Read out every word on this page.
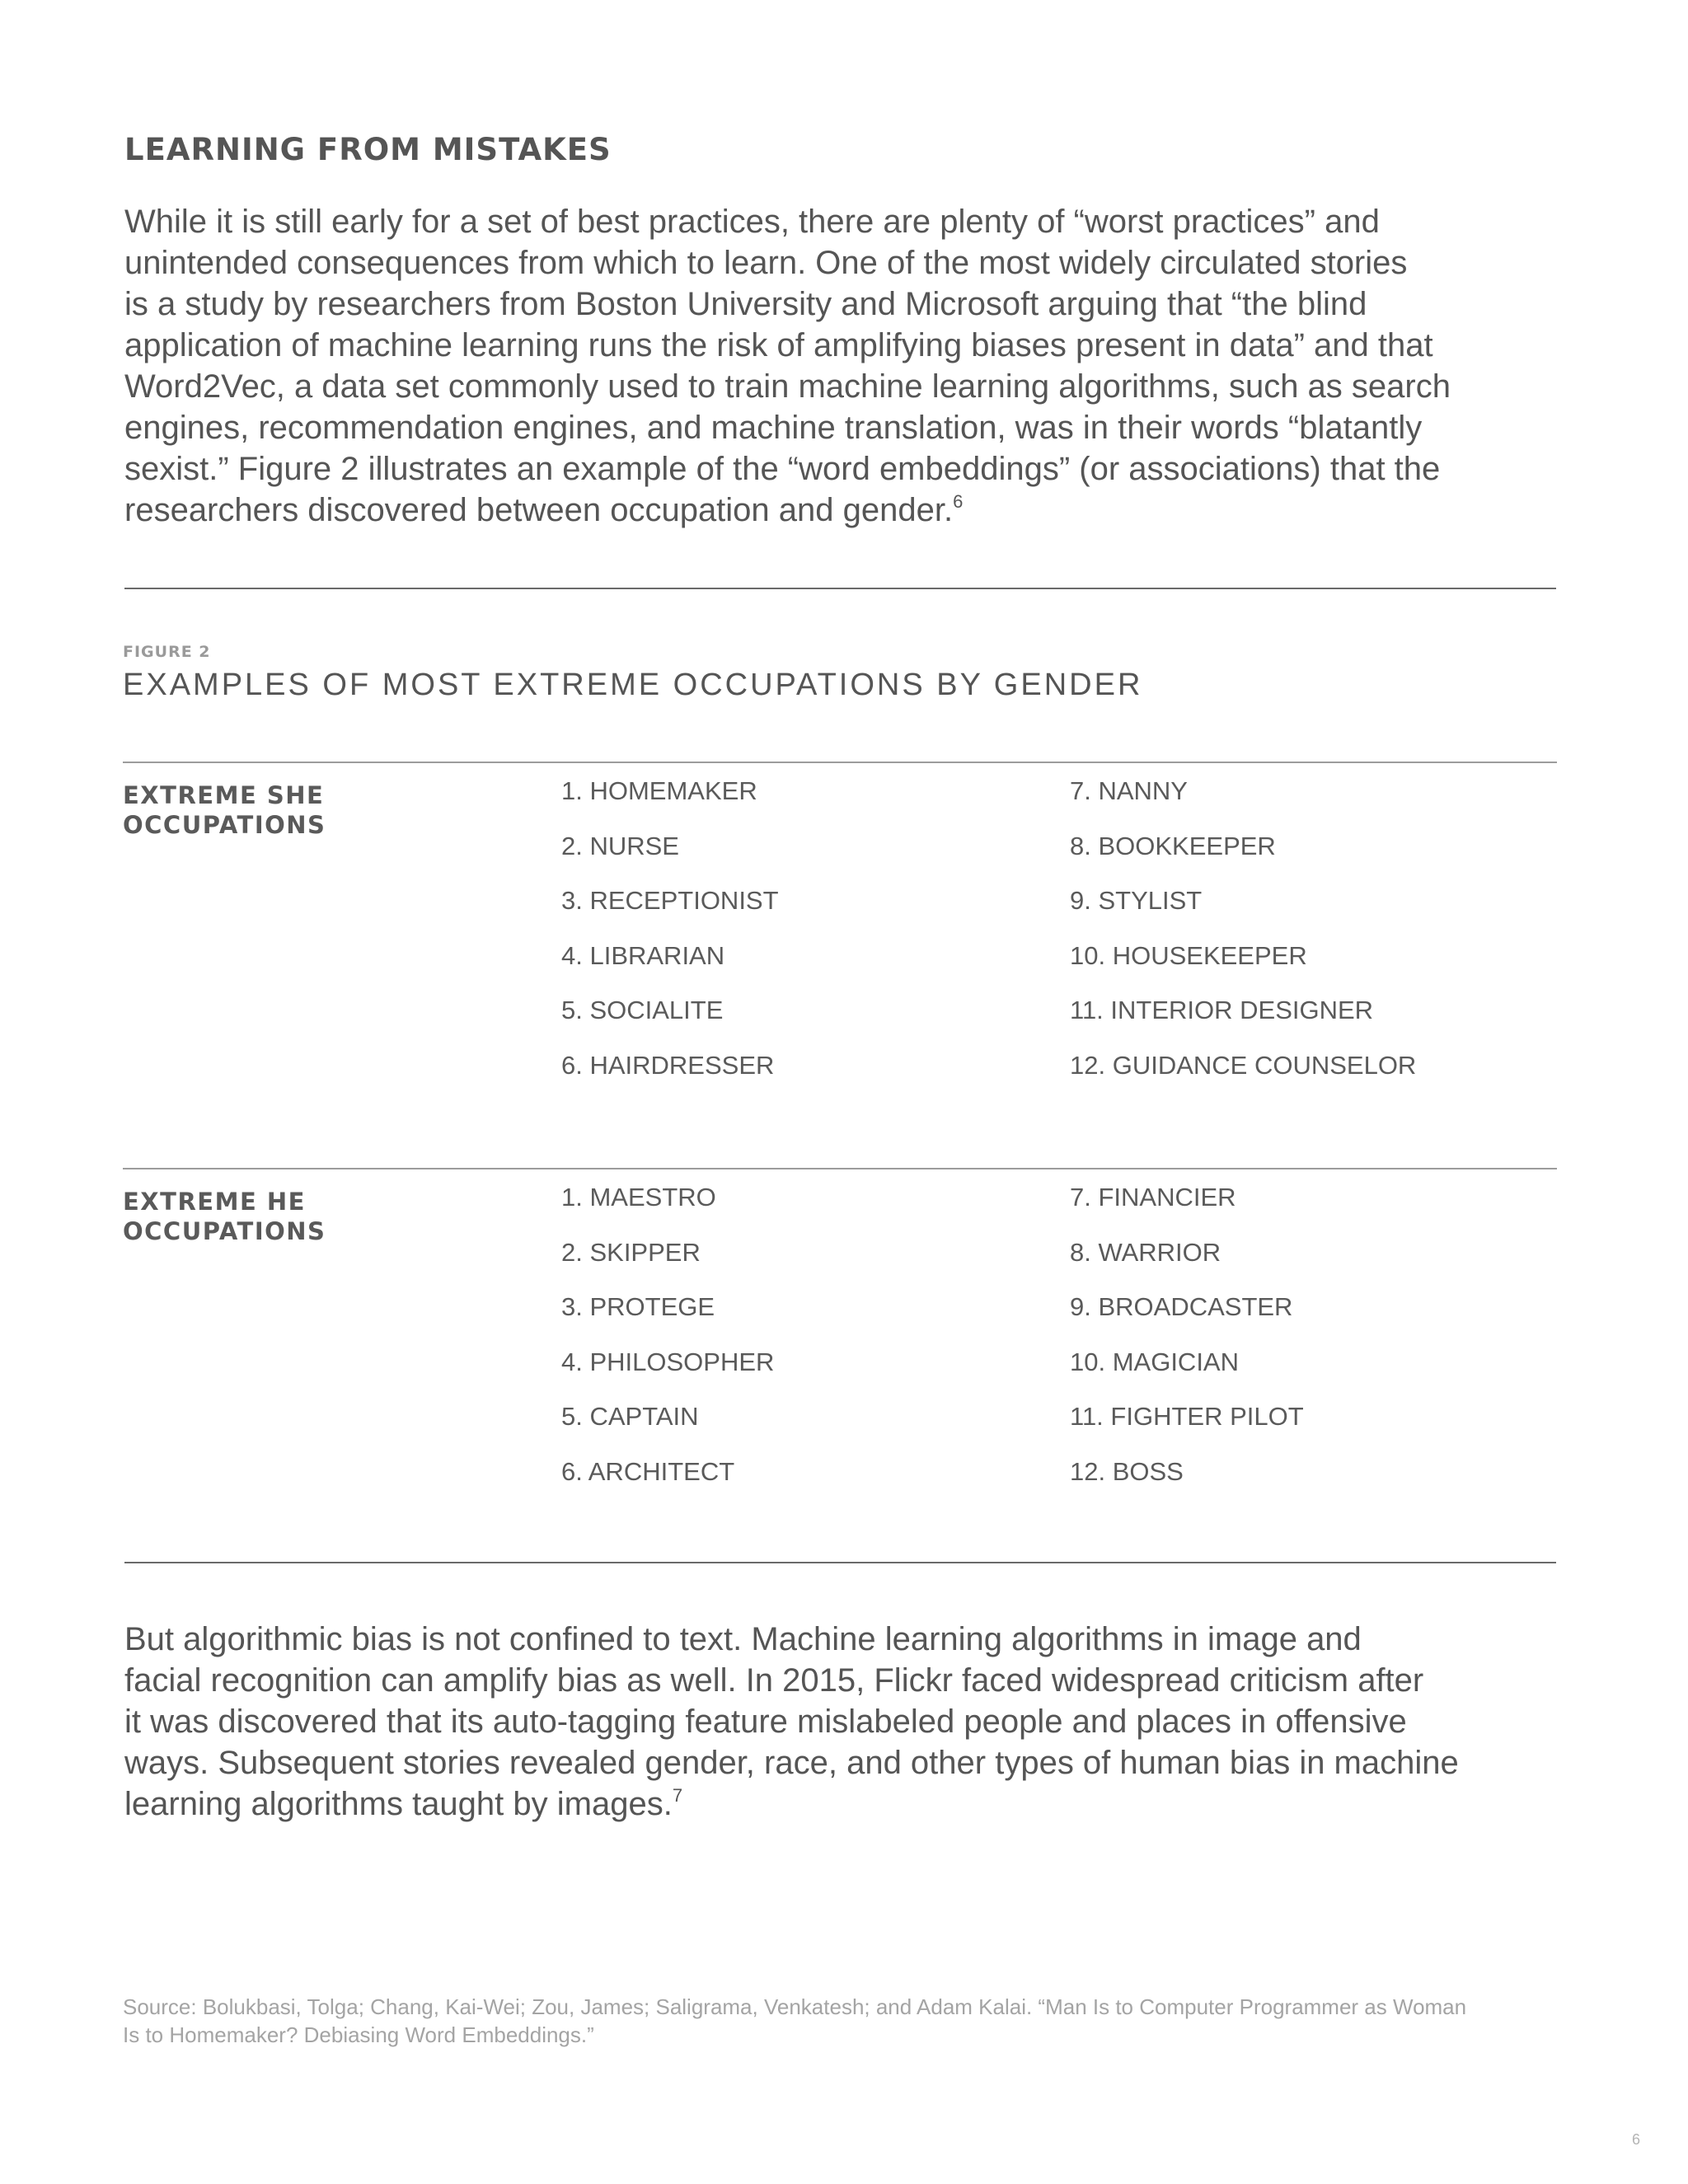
LEARNING FROM MISTAKES
While it is still early for a set of best practices, there are plenty of “worst practices” and
unintended consequences from which to learn. One of the most widely circulated stories
is a study by researchers from Boston University and Microsoft arguing that “the blind
application of machine learning runs the risk of amplifying biases present in data” and that
Word2Vec, a data set commonly used to train machine learning algorithms, such as search
engines, recommendation engines, and machine translation, was in their words “blatantly
sexist.” Figure 2 illustrates an example of the “word embeddings” (or associations) that the
researchers discovered between occupation and gender.$^6$
FIGURE 2
EXAMPLES OF MOST EXTREME OCCUPATIONS BY GENDER
EXTREME SHE
OCCUPATIONS
1. HOMEMAKER
2. NURSE
3. RECEPTIONIST
4. LIBRARIAN
5. SOCIALITE
6. HAIRDRESSER
7. NANNY
8. BOOKKEEPER
9. STYLIST
10. HOUSEKEEPER
11. INTERIOR DESIGNER
12. GUIDANCE COUNSELOR
EXTREME HE
OCCUPATIONS
1. MAESTRO
2. SKIPPER
3. PROTEGE
4. PHILOSOPHER
5. CAPTAIN
6. ARCHITECT
7. FINANCIER
8. WARRIOR
9. BROADCASTER
10. MAGICIAN
11. FIGHTER PILOT
12. BOSS
But algorithmic bias is not confined to text. Machine learning algorithms in image and
facial recognition can amplify bias as well. In 2015, Flickr faced widespread criticism after
it was discovered that its auto-tagging feature mislabeled people and places in offensive
ways. Subsequent stories revealed gender, race, and other types of human bias in machine
learning algorithms taught by images.$^7$
Source: Bolukbasi, Tolga; Chang, Kai-Wei; Zou, James; Saligrama, Venkatesh; and Adam Kalai. “Man Is to Computer Programmer as Woman
Is to Homemaker? Debiasing Word Embeddings.”
6
